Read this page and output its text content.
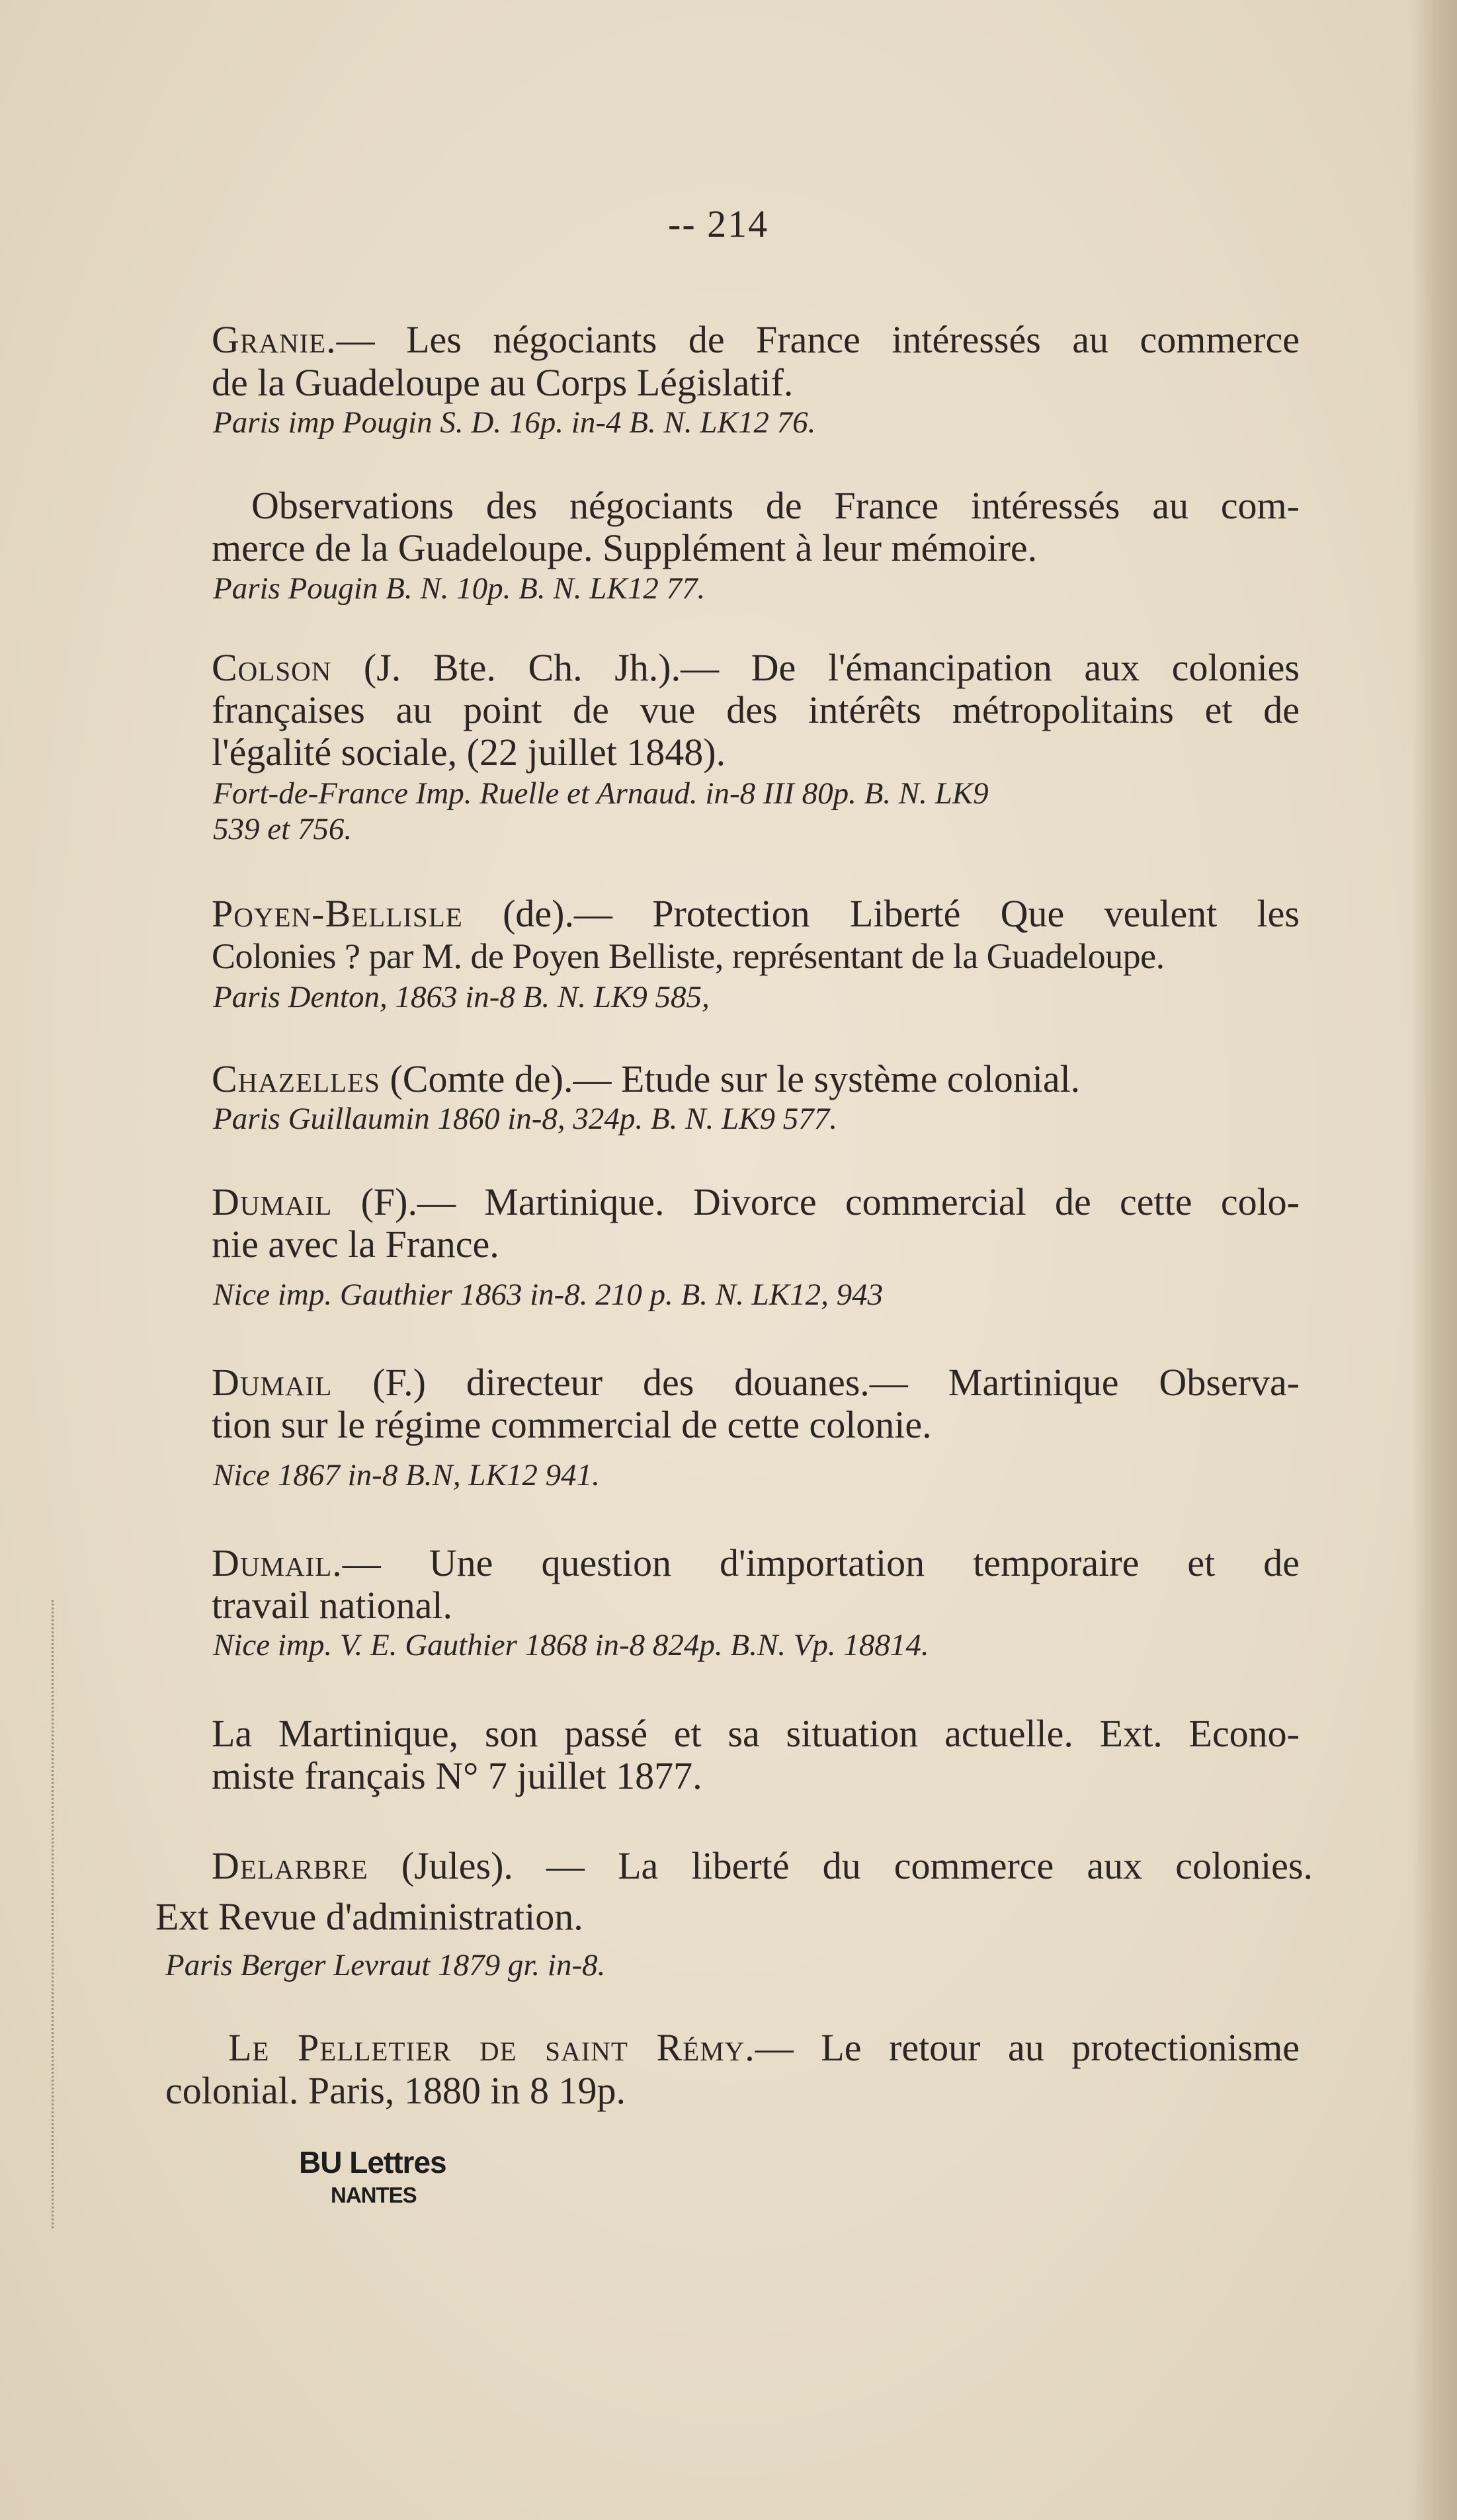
-- 214
Granie.— Les négociants de France intéressés au commerce
de la Guadeloupe au Corps Législatif.
Paris imp Pougin S. D. 16p. in-4 B. N. LK12 76.
Observations des négociants de France intéressés au com-
merce de la Guadeloupe. Supplément à leur mémoire.
Paris Pougin B. N. 10p. B. N. LK12 77.
Colson (J. Bte. Ch. Jh.).— De l'émancipation aux colonies
françaises au point de vue des intérêts métropolitains et de
l'égalité sociale, (22 juillet 1848).
Fort-de-France Imp. Ruelle et Arnaud. in-8 III 80p. B. N. LK9
539 et 756.
Poyen-Bellisle (de).— Protection Liberté Que veulent les
Colonies ? par M. de Poyen Belliste, représentant de la Guadeloupe.
Paris Denton, 1863 in-8 B. N. LK9 585,
Chazelles (Comte de).— Etude sur le système colonial.
Paris Guillaumin 1860 in-8, 324p. B. N. LK9 577.
Dumail (F).— Martinique. Divorce commercial de cette colo-
nie avec la France.
Nice imp. Gauthier 1863 in-8. 210 p. B. N. LK12, 943
Dumail (F.) directeur des douanes.— Martinique Observa-
tion sur le régime commercial de cette colonie.
Nice 1867 in-8 B.N, LK12 941.
Dumail.— Une question d'importation temporaire et de
travail national.
Nice imp. V. E. Gauthier 1868 in-8 824p. B.N. Vp. 18814.
La Martinique, son passé et sa situation actuelle. Ext. Econo-
miste français N° 7 juillet 1877.
Delarbre (Jules). — La liberté du commerce aux colonies.
Ext Revue d'administration.
Paris Berger Levraut 1879 gr. in-8.
Le Pelletier de saint Rémy.— Le retour au protectionisme
colonial. Paris, 1880 in 8 19p.
BU Lettres
NANTES
